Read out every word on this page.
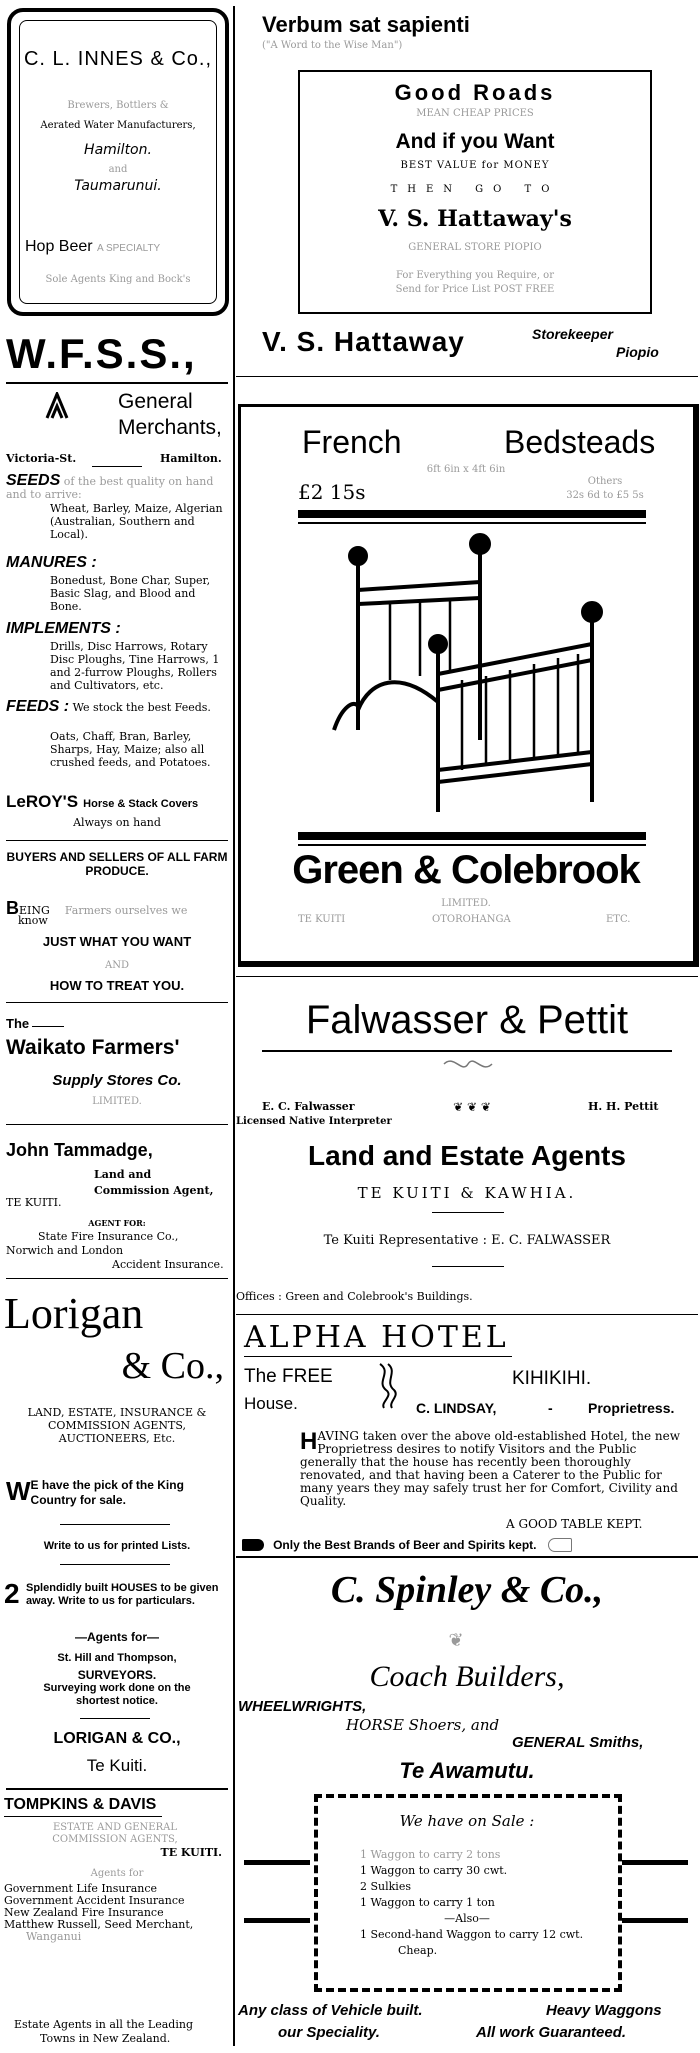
C. L. INNES & Co.,
Brewers, Bottlers &
Aerated Water Manufacturers,
Hamilton.
and
Taumarunui.
Hop Beer A SPECIALTY
Sole Agents King and Bock's
W.F.S.S.,
General
Merchants,
Victoria-St.	Hamilton.
SEEDS of the best quality on hand and to arrive:
Wheat, Barley, Maize, Algerian (Australian, Southern and Local).
MANURES :
Bonedust, Bone Char, Super, Basic Slag, and Blood and Bone.
IMPLEMENTS :
Drills, Disc Harrows, Rotary Disc Ploughs, Tine Harrows, 1 and 2-furrow Ploughs, Rollers and Cultivators, etc.
FEEDS : We stock the best Feeds.
Oats, Chaff, Bran, Barley, Sharps, Hay, Maize; also all crushed feeds, and Potatoes.
LeROY'S Horse & Stack Covers
Always on hand
BUYERS AND SELLERS OF ALL FARM PRODUCE.
BEING Farmers ourselves we
know
JUST WHAT YOU WANT
AND
HOW TO TREAT YOU.
The
Waikato Farmers'
Supply Stores Co.
LIMITED.
John Tammadge,
Land and
Commission Agent,
TE KUITI.
AGENT FOR:
State Fire Insurance Co.,
Norwich and London
Accident Insurance.
Lorigan
& Co.,
LAND, ESTATE, INSURANCE & COMMISSION AGENTS, AUCTIONEERS, Etc.
W E have the pick of the King Country for sale.
Write to us for printed Lists.
2 Splendidly built HOUSES to be given away. Write to us for particulars.
—Agents for—
St. Hill and Thompson,
SURVEYORS.
Surveying work done on the shortest notice.
LORIGAN & CO.,
Te Kuiti.
TOMPKINS & DAVIS
ESTATE AND GENERAL
COMMISSION AGENTS,
TE KUITI.
Agents for
Government Life Insurance
Government Accident Insurance
New Zealand Fire Insurance
Matthew Russell, Seed Merchant,
Wanganui
Estate Agents in all the Leading
Towns in New Zealand.
Verbum sat sapienti
("A Word to the Wise Man")
Good Roads
MEAN CHEAP PRICES
And if you Want
BEST VALUE for MONEY
THEN GO TO
V. S. Hattaway's
GENERAL STORE PIOPIO
For Everything you Require, or
Send for Price List POST FREE
V. S. Hattaway	Storekeeper
Piopio
French	Bedsteads
6ft 6in x 4ft 6in
£2 15s	Others
32s 6d to £5 5s
Green & Colebrook
LIMITED.
TE KUITI	OTOROHANGA	ETC.
Falwasser & Pettit
E. C. Falwasser
Licensed Native Interpreter
❦ ❦ ❦	H. H. Pettit
Land and Estate Agents
TE KUITI & KAWHIA.
Te Kuiti Representative : E. C. FALWASSER
Offices : Green and Colebrook's Buildings.
ALPHA HOTEL
The FREE
House.
KIHIKIHI.
C. LINDSAY,	-	Proprietress.
H AVING taken over the above old-established Hotel, the new Proprietress desires to notify Visitors and the Public generally that the house has recently been thoroughly renovated, and that having been a Caterer to the Public for many years they may safely trust her for Comfort, Civility and Quality.
A GOOD TABLE KEPT.
Only the Best Brands of Beer and Spirits kept.
C. Spinley & Co.,
❦
Coach Builders,
WHEELWRIGHTS,
HORSE Shoers, and
GENERAL Smiths,
Te Awamutu.
We have on Sale :
1 Waggon to carry 2 tons
1 Waggon to carry 30 cwt.
2 Sulkies
1 Waggon to carry 1 ton
—Also—
1 Second-hand Waggon to carry 12 cwt.
Cheap.
Any class of Vehicle built.	Heavy Waggons
our Speciality.	All work Guaranteed.
